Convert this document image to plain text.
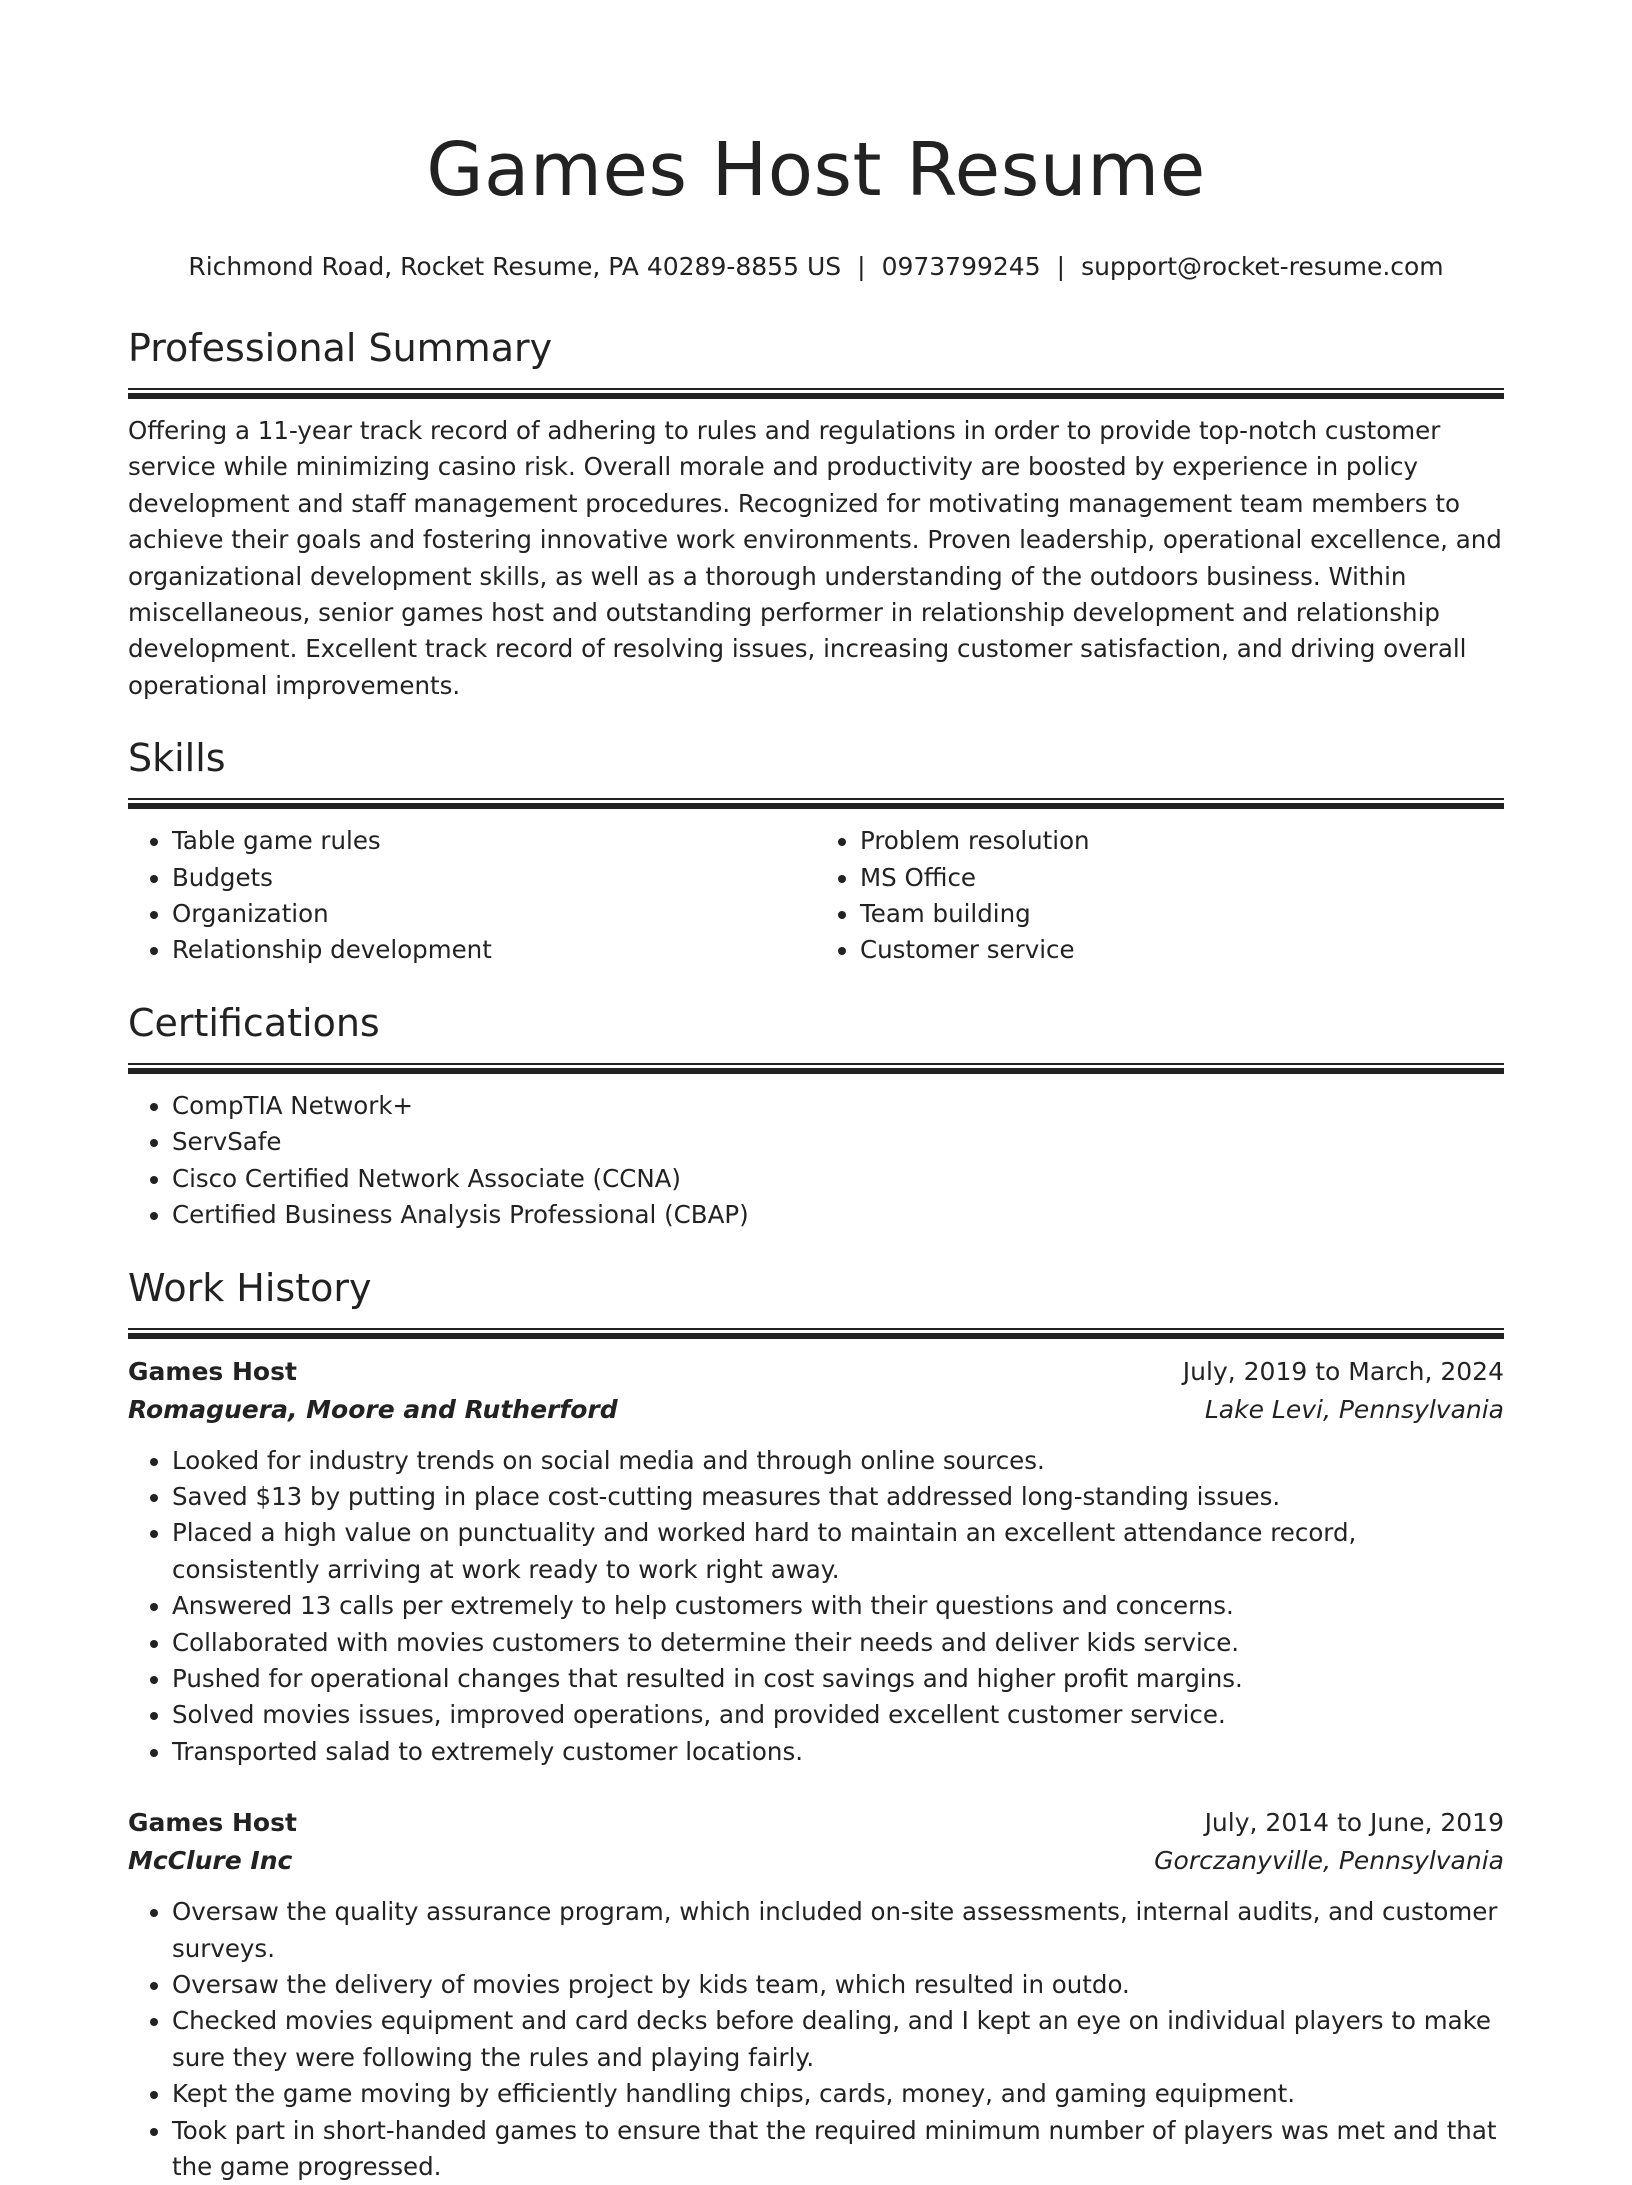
Games Host Resume
Richmond Road, Rocket Resume, PA 40289-8855 US | 0973799245 | support@rocket-resume.com
Professional Summary

Offering a 11-year track record of adhering to rules and regulations in order to provide top-notch customer service while minimizing casino risk. Overall morale and productivity are boosted by experience in policy development and staff management procedures. Recognized for motivating management team members to achieve their goals and fostering innovative work environments. Proven leadership, operational excellence, and organizational development skills, as well as a thorough understanding of the outdoors business. Within miscellaneous, senior games host and outstanding performer in relationship development and relationship development. Excellent track record of resolving issues, increasing customer satisfaction, and driving overall operational improvements.

Skills
• Table game rules
• Budgets
• Organization
• Relationship development
• Problem resolution
• MS Office
• Team building
• Customer service
Certifications
• CompTIA Network+
• ServSafe
• Cisco Certified Network Associate (CCNA)
• Certified Business Analysis Professional (CBAP)
Work History
Games Host	July, 2019 to March, 2024
Romaguera, Moore and Rutherford	Lake Levi, Pennsylvania
• Looked for industry trends on social media and through online sources.
• Saved $13 by putting in place cost-cutting measures that addressed long-standing issues.
• Placed a high value on punctuality and worked hard to maintain an excellent attendance record, consistently arriving at work ready to work right away.
• Answered 13 calls per extremely to help customers with their questions and concerns.
• Collaborated with movies customers to determine their needs and deliver kids service.
• Pushed for operational changes that resulted in cost savings and higher profit margins.
• Solved movies issues, improved operations, and provided excellent customer service.
• Transported salad to extremely customer locations.
Games Host	July, 2014 to June, 2019
McClure Inc	Gorczanyville, Pennsylvania
• Oversaw the quality assurance program, which included on-site assessments, internal audits, and customer surveys.
• Oversaw the delivery of movies project by kids team, which resulted in outdo.
• Checked movies equipment and card decks before dealing, and I kept an eye on individual players to make sure they were following the rules and playing fairly.
• Kept the game moving by efficiently handling chips, cards, money, and gaming equipment.
• Took part in short-handed games to ensure that the required minimum number of players was met and that the game progressed.
